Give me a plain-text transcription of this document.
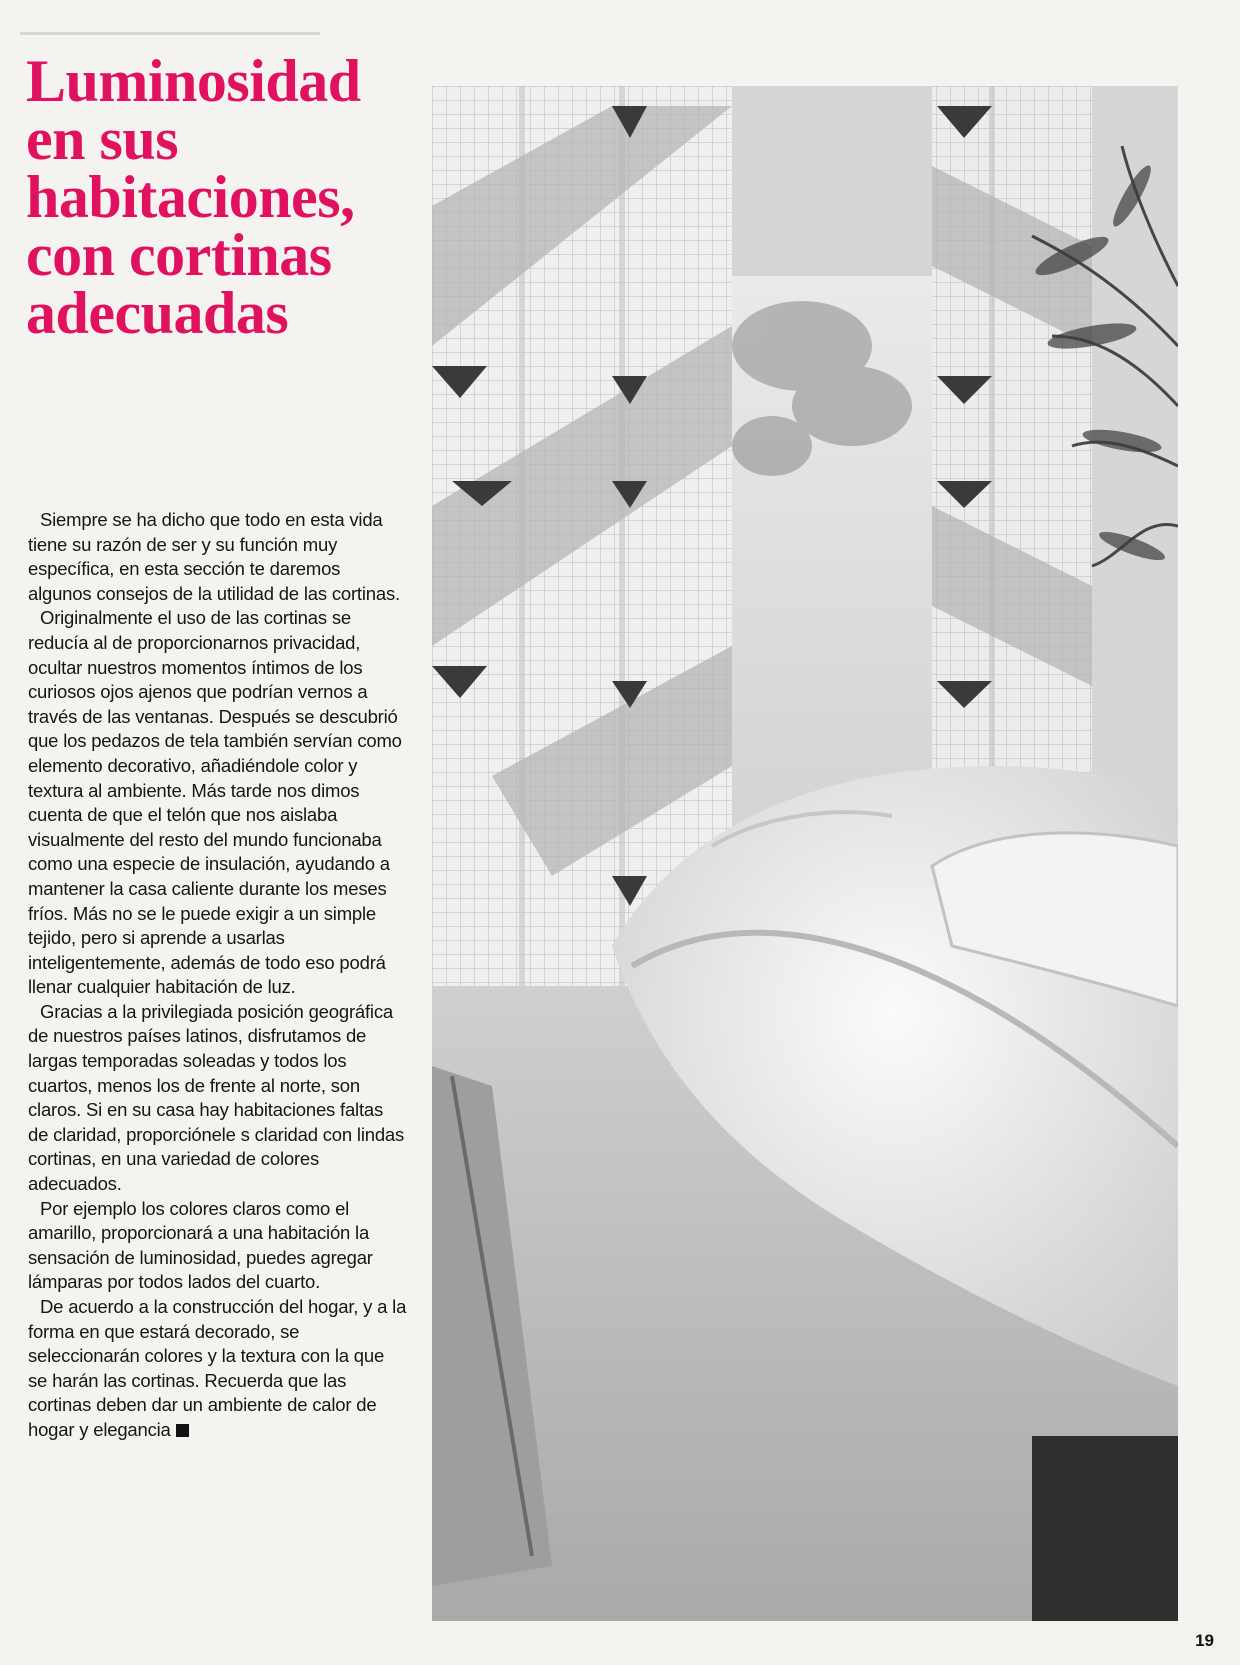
Luminosidad
en sus
habitaciones,
con cortinas
adecuadas

Siempre se ha dicho que todo en esta vida tiene su razón de ser y su función muy específica, en esta sección te daremos algunos consejos de la utilidad de las cortinas.

Originalmente el uso de las cortinas se reducía al de proporcionarnos privacidad, ocultar nuestros momentos íntimos de los curiosos ojos ajenos que podrían vernos a través de las ventanas. Después se descubrió que los pedazos de tela también servían como elemento decorativo, añadiéndole color y textura al ambiente. Más tarde nos dimos cuenta de que el telón que nos aislaba visualmente del resto del mundo funcionaba como una especie de insulación, ayudando a mantener la casa caliente durante los meses fríos. Más no se le puede exigir a un simple tejido, pero si aprende a usarlas inteligentemente, además de todo eso podrá llenar cualquier habitación de luz.

Gracias a la privilegiada posición geográfica de nuestros países latinos, disfrutamos de largas temporadas soleadas y todos los cuartos, menos los de frente al norte, son claros. Si en su casa hay habitaciones faltas de claridad, proporciónele s claridad con lindas cortinas, en una variedad de colores adecuados.

Por ejemplo los colores claros como el amarillo, proporcionará a una habitación la sensación de luminosidad, puedes agregar lámparas por todos lados del cuarto.

De acuerdo a la construcción del hogar, y a la forma en que estará decorado, se seleccionarán colores y la textura con la que se harán las cortinas. Recuerda que las cortinas deben dar un ambiente de calor de hogar y elegancia

19
